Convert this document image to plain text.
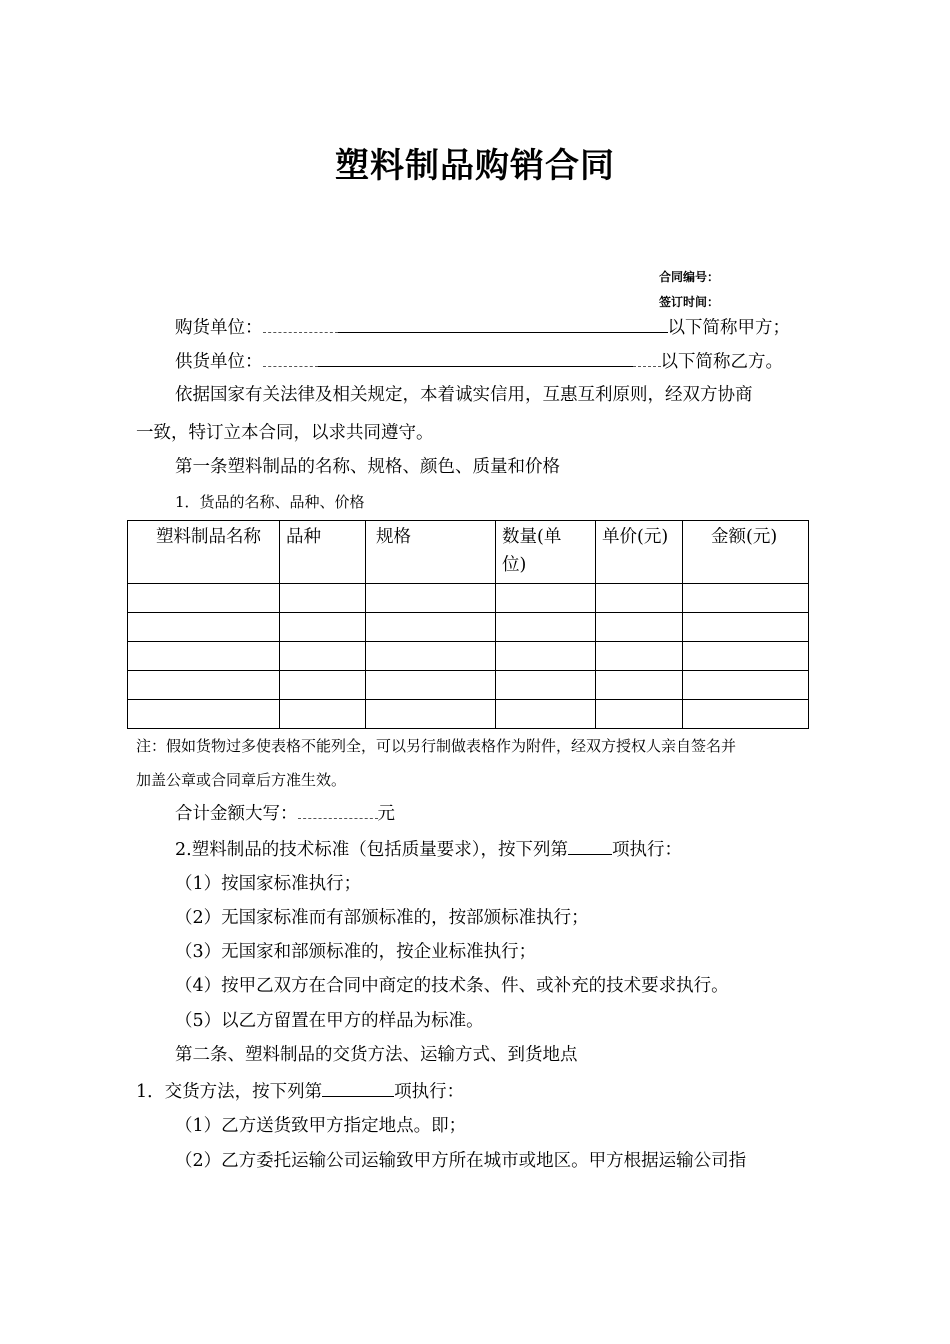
塑料制品购销合同
合同编号：
签订时间：
购货单位：	以下简称甲方；
供货单位：	以下简称乙方。
依据国家有关法律及相关规定，本着诚实信用，互惠互利原则，经双方协商
一致，特订立本合同，以求共同遵守。
第一条塑料制品的名称、规格、颜色、质量和价格
1．货品的名称、品种、价格
塑料制品名称	品种	规格	数量(单位)	单价(元)	金额(元)

注：假如货物过多使表格不能列全，可以另行制做表格作为附件，经双方授权人亲自签名并
加盖公章或合同章后方准生效。
合计金额大写：	元
2.塑料制品的技术标准（包括质量要求），按下列第	项执行：
（1）按国家标准执行；
（2）无国家标准而有部颁标准的，按部颁标准执行；
（3）无国家和部颁标准的，按企业标准执行；
（4）按甲乙双方在合同中商定的技术条、件、或补充的技术要求执行。
（5）以乙方留置在甲方的样品为标准。
第二条、塑料制品的交货方法、运输方式、到货地点
1．交货方法，按下列第	项执行：
（1）乙方送货致甲方指定地点。即；
（2）乙方委托运输公司运输致甲方所在城市或地区。甲方根据运输公司指
